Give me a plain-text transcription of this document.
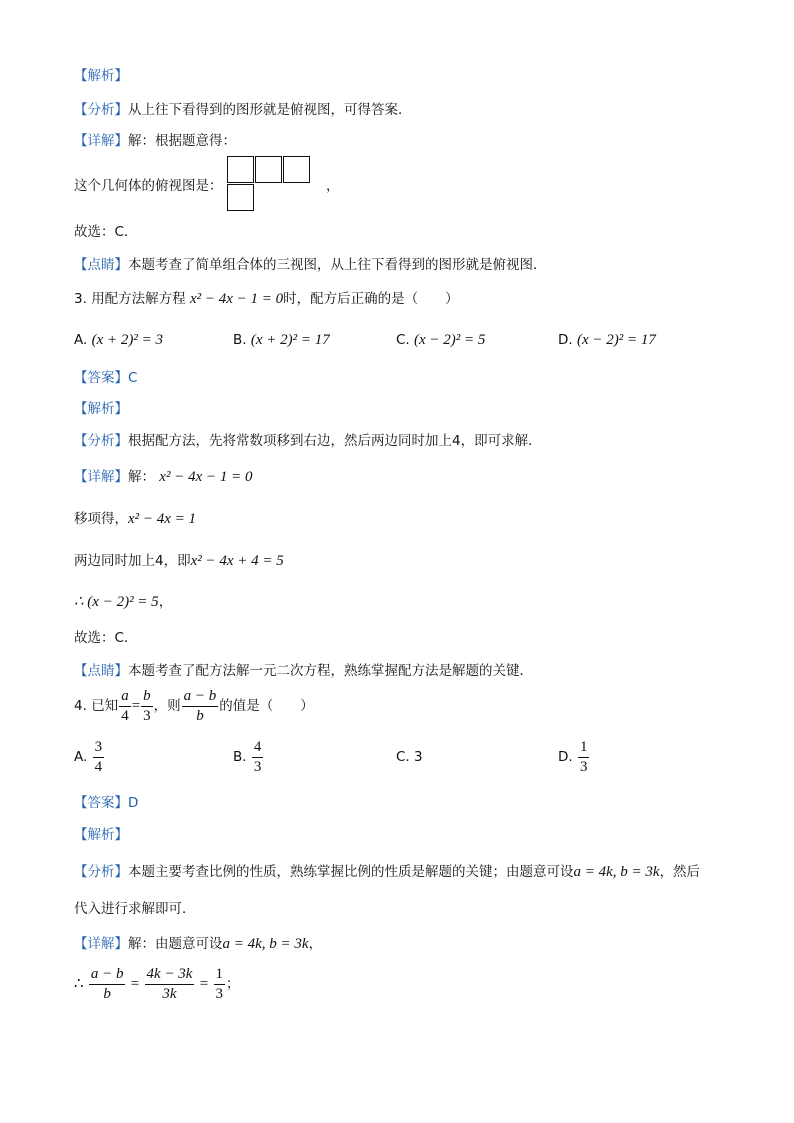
【解析】
【分析】从上往下看得到的图形就是俯视图，可得答案．
【详解】解：根据题意得：
这个几何体的俯视图是：	，
故选：C．
【点睛】本题考查了简单组合体的三视图，从上往下看得到的图形就是俯视图．
3. 用配方法解方程 x² − 4x − 1 = 0时，配方后正确的是（　　）
A. (x + 2)² = 3	B. (x + 2)² = 17	C. (x − 2)² = 5	D. (x − 2)² = 17
【答案】C
【解析】
【分析】根据配方法，先将常数项移到右边，然后两边同时加上4，即可求解．
【详解】解： x² − 4x − 1 = 0
移项得，x² − 4x = 1
两边同时加上4，即x² − 4x + 4 = 5
∴ (x − 2)² = 5，
故选：C．
【点睛】本题考查了配方法解一元二次方程，熟练掌握配方法是解题的关键．
4. 已知 $\frac{a}{4} = \frac{b}{3}$ ，则 $\frac{a - b}{b}$ 的值是（　　）
A. $\frac{3}{4}$	B. $\frac{4}{3}$	C. 3	D. $\frac{1}{3}$
【答案】D
【解析】
【分析】本题主要考查比例的性质，熟练掌握比例的性质是解题的关键；由题意可设a = 4k, b = 3k，然后
代入进行求解即可．
【详解】解：由题意可设a = 4k, b = 3k，
∴ $\frac{a - b}{b} = \frac{4k - 3k}{3k} = \frac{1}{3}$ ；
